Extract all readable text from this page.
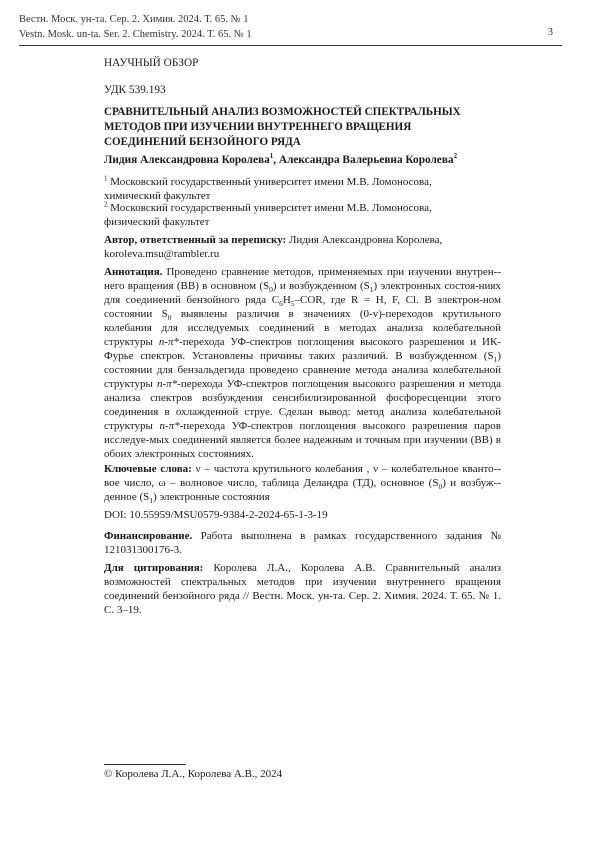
Вестн. Моск. ун-та. Сер. 2. Химия. 2024. Т. 65. № 1
Vestn. Mosk. un-ta. Ser. 2. Chemistry. 2024. T. 65. № 1	3
НАУЧНЫЙ ОБЗОР
УДК 539.193
СРАВНИТЕЛЬНЫЙ АНАЛИЗ ВОЗМОЖНОСТЕЙ СПЕКТРАЛЬНЫХ
МЕТОДОВ ПРИ ИЗУЧЕНИИ ВНУТРЕННЕГО ВРАЩЕНИЯ
СОЕДИНЕНИЙ БЕНЗОЙНОГО РЯДА
Лидия Александровна Королева$^1$, Александра Валерьевна Королева$^2$
$^1$ Московский государственный университет имени М.В. Ломоносова,
химический факультет
$^2$ Московский государственный университет имени М.В. Ломоносова,
физический факультет
Автор, ответственный за переписку: Лидия Александровна Королева,
koroleva.msu@rambler.ru
Аннотация. Проведено сравнение методов, применяемых при изучении внутрен-него вращения (ВВ) в основном $(S_0)$ и возбужденном $(S_1)$ электронных состоя-ниях для соединений бензойного ряда $C_6H_5$–COR, где R = H, F, Cl. В электрон-ном состоянии $S_0$ выявлены различия в значениях (0-v)-переходов крутильного колебания для исследуемых соединений в методах анализа колебательной структуры n-π*-перехода УФ-спектров поглощения высокого разрешения и ИК-Фурье спектров. Установлены причины таких различий. В возбужденном $(S_1)$ состоянии для бензальдегида проведено сравнение метода анализа колебательной структуры n-π*-перехода УФ-спектров поглощения высокого разрешения и метода анализа спектров возбуждения сенсибилизированной фосфоресценции этого соединения в охлажденной струе. Сделан вывод: метод анализа колебательной структуры n-π*-перехода УФ-спектров поглощения высокого разрешения паров исследуе-мых соединений является более надежным и точным при изучении (ВВ) в обоих электронных состояниях.
Ключевые слова: ν – частота крутильного колебания , ν – колебательное кванто-вое число, ω – волновое число, таблица Деландра (ТД), основное $(S_0)$ и возбуж-денное $(S_1)$ электронные состояния
DOI: 10.55959/MSU0579-9384-2-2024-65-1-3-19
Финансирование. Работа выполнена в рамках государственного задания № 121031300176-3.
Для цитирования: Королева Л.А., Королева А.В. Сравнительный анализ возможностей спектральных методов при изучении внутреннего вращения соединений бензойного ряда // Вестн. Моск. ун-та. Сер. 2. Химия. 2024. Т. 65. № 1. С. 3–19.
© Королева Л.А., Королева А.В., 2024
